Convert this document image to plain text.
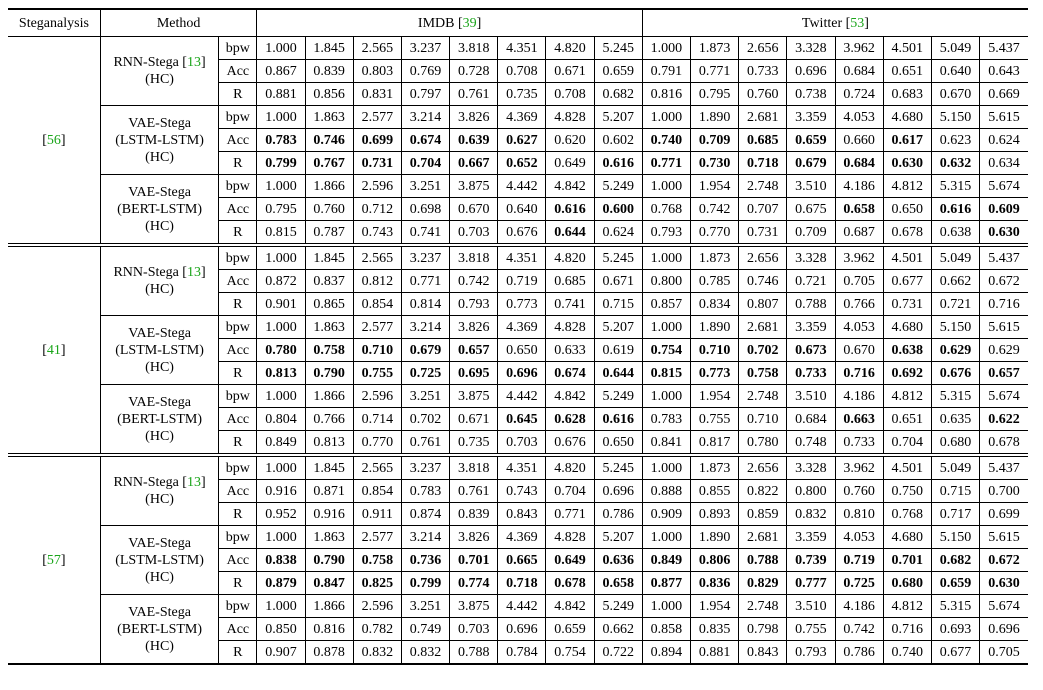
Steganalysis	Method		IMDB [39]								Twitter [53]							
[56]	RNN-Stega [13]
(HC)	bpw	1.000	1.845	2.565	3.237	3.818	4.351	4.820	5.245	1.000	1.873	2.656	3.328	3.962	4.501	5.049	5.437
		Acc	0.867	0.839	0.803	0.769	0.728	0.708	0.671	0.659	0.791	0.771	0.733	0.696	0.684	0.651	0.640	0.643
		R	0.881	0.856	0.831	0.797	0.761	0.735	0.708	0.682	0.816	0.795	0.760	0.738	0.724	0.683	0.670	0.669

	VAE-Stega
(LSTM-LSTM)
(HC)	bpw	1.000	1.863	2.577	3.214	3.826	4.369	4.828	5.207	1.000	1.890	2.681	3.359	4.053	4.680	5.150	5.615
		Acc	0.783	0.746	0.699	0.674	0.639	0.627	0.620	0.602	0.740	0.709	0.685	0.659	0.660	0.617	0.623	0.624
		R	0.799	0.767	0.731	0.704	0.667	0.652	0.649	0.616	0.771	0.730	0.718	0.679	0.684	0.630	0.632	0.634

	VAE-Stega
(BERT-LSTM)
(HC)	bpw	1.000	1.866	2.596	3.251	3.875	4.442	4.842	5.249	1.000	1.954	2.748	3.510	4.186	4.812	5.315	5.674
		Acc	0.795	0.760	0.712	0.698	0.670	0.640	0.616	0.600	0.768	0.742	0.707	0.675	0.658	0.650	0.616	0.609
		R	0.815	0.787	0.743	0.741	0.703	0.676	0.644	0.624	0.793	0.770	0.731	0.709	0.687	0.678	0.638	0.630
[41]	RNN-Stega [13]
(HC)	bpw	1.000	1.845	2.565	3.237	3.818	4.351	4.820	5.245	1.000	1.873	2.656	3.328	3.962	4.501	5.049	5.437
		Acc	0.872	0.837	0.812	0.771	0.742	0.719	0.685	0.671	0.800	0.785	0.746	0.721	0.705	0.677	0.662	0.672
		R	0.901	0.865	0.854	0.814	0.793	0.773	0.741	0.715	0.857	0.834	0.807	0.788	0.766	0.731	0.721	0.716

	VAE-Stega
(LSTM-LSTM)
(HC)	bpw	1.000	1.863	2.577	3.214	3.826	4.369	4.828	5.207	1.000	1.890	2.681	3.359	4.053	4.680	5.150	5.615
		Acc	0.780	0.758	0.710	0.679	0.657	0.650	0.633	0.619	0.754	0.710	0.702	0.673	0.670	0.638	0.629	0.629
		R	0.813	0.790	0.755	0.725	0.695	0.696	0.674	0.644	0.815	0.773	0.758	0.733	0.716	0.692	0.676	0.657

	VAE-Stega
(BERT-LSTM)
(HC)	bpw	1.000	1.866	2.596	3.251	3.875	4.442	4.842	5.249	1.000	1.954	2.748	3.510	4.186	4.812	5.315	5.674
		Acc	0.804	0.766	0.714	0.702	0.671	0.645	0.628	0.616	0.783	0.755	0.710	0.684	0.663	0.651	0.635	0.622
		R	0.849	0.813	0.770	0.761	0.735	0.703	0.676	0.650	0.841	0.817	0.780	0.748	0.733	0.704	0.680	0.678
[57]	RNN-Stega [13]
(HC)	bpw	1.000	1.845	2.565	3.237	3.818	4.351	4.820	5.245	1.000	1.873	2.656	3.328	3.962	4.501	5.049	5.437
		Acc	0.916	0.871	0.854	0.783	0.761	0.743	0.704	0.696	0.888	0.855	0.822	0.800	0.760	0.750	0.715	0.700
		R	0.952	0.916	0.911	0.874	0.839	0.843	0.771	0.786	0.909	0.893	0.859	0.832	0.810	0.768	0.717	0.699

	VAE-Stega
(LSTM-LSTM)
(HC)	bpw	1.000	1.863	2.577	3.214	3.826	4.369	4.828	5.207	1.000	1.890	2.681	3.359	4.053	4.680	5.150	5.615
		Acc	0.838	0.790	0.758	0.736	0.701	0.665	0.649	0.636	0.849	0.806	0.788	0.739	0.719	0.701	0.682	0.672
		R	0.879	0.847	0.825	0.799	0.774	0.718	0.678	0.658	0.877	0.836	0.829	0.777	0.725	0.680	0.659	0.630

	VAE-Stega
(BERT-LSTM)
(HC)	bpw	1.000	1.866	2.596	3.251	3.875	4.442	4.842	5.249	1.000	1.954	2.748	3.510	4.186	4.812	5.315	5.674
		Acc	0.850	0.816	0.782	0.749	0.703	0.696	0.659	0.662	0.858	0.835	0.798	0.755	0.742	0.716	0.693	0.696
		R	0.907	0.878	0.832	0.832	0.788	0.784	0.754	0.722	0.894	0.881	0.843	0.793	0.786	0.740	0.677	0.705
